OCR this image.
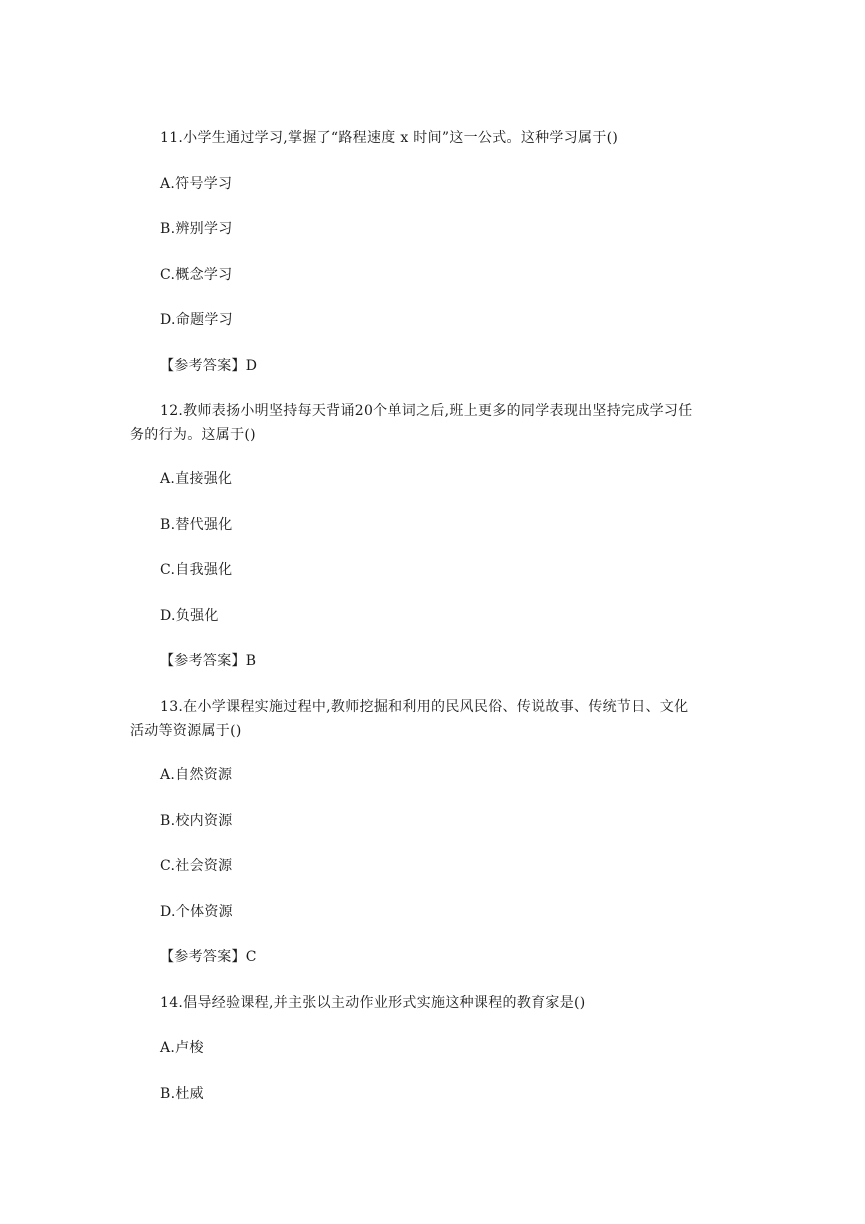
11.小学生通过学习,掌握了“路程速度 x 时间”这一公式。这种学习属于()
A.符号学习
B.辨别学习
C.概念学习
D.命题学习
【参考答案】D
12.教师表扬小明坚持每天背诵20个单词之后,班上更多的同学表现出坚持完成学习任
务的行为。这属于()
A.直接强化
B.替代强化
C.自我强化
D.负强化
【参考答案】B
13.在小学课程实施过程中,教师挖掘和利用的民风民俗、传说故事、传统节日、文化
活动等资源属于()
A.自然资源
B.校内资源
C.社会资源
D.个体资源
【参考答案】C
14.倡导经验课程,并主张以主动作业形式实施这种课程的教育家是()
A.卢梭
B.杜威
